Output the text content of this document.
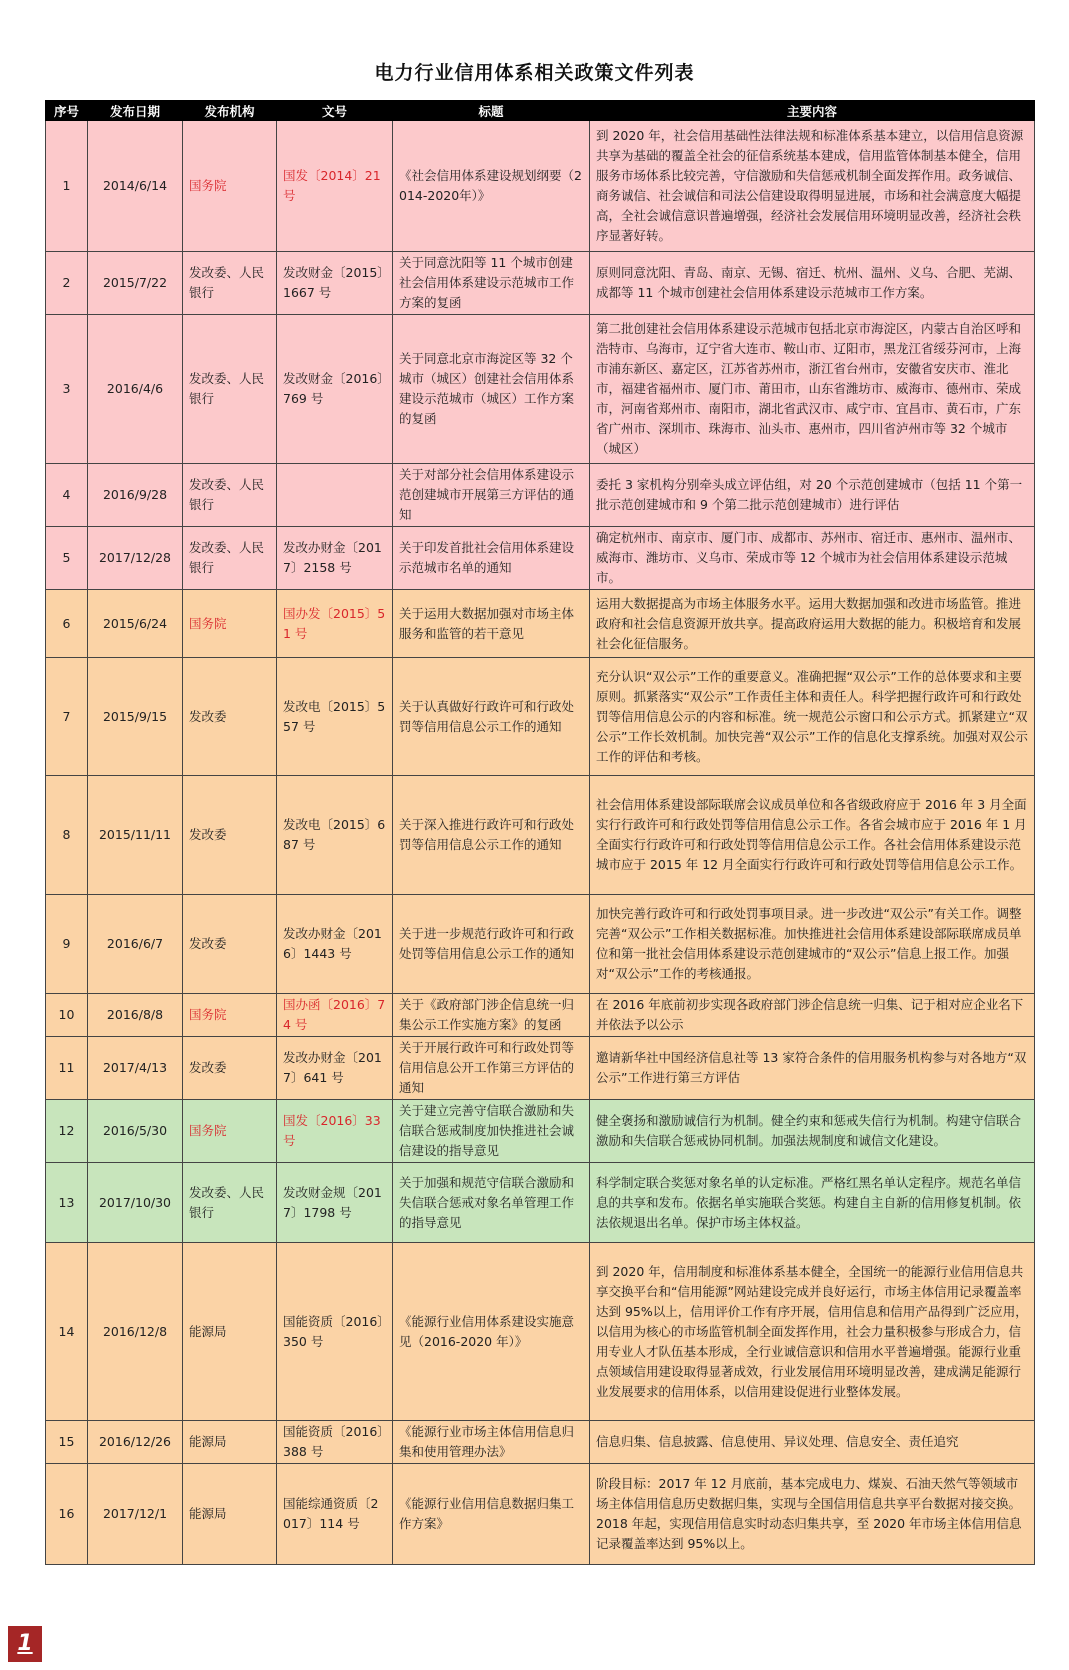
电力行业信用体系相关政策文件列表
序号	发布日期	发布机构	文号	标题	主要内容
1	2014/6/14	国务院	国发〔2014〕21号	《社会信用体系建设规划纲要（2014-2020年）》	到 2020 年，社会信用基础性法律法规和标准体系基本建立，以信用信息资源共享为基础的覆盖全社会的征信系统基本建成，信用监管体制基本健全，信用服务市场体系比较完善，守信激励和失信惩戒机制全面发挥作用。政务诚信、商务诚信、社会诚信和司法公信建设取得明显进展，市场和社会满意度大幅提高，全社会诚信意识普遍增强，经济社会发展信用环境明显改善，经济社会秩序显著好转。
2	2015/7/22	发改委、人民银行	发改财金〔2015〕1667 号	关于同意沈阳等 11 个城市创建社会信用体系建设示范城市工作方案的复函	原则同意沈阳、青岛、南京、无锡、宿迁、杭州、温州、义乌、合肥、芜湖、成都等 11 个城市创建社会信用体系建设示范城市工作方案。
3	2016/4/6	发改委、人民银行	发改财金〔2016〕769 号	关于同意北京市海淀区等 32 个城市（城区）创建社会信用体系建设示范城市（城区）工作方案的复函	第二批创建社会信用体系建设示范城市包括北京市海淀区，内蒙古自治区呼和浩特市、乌海市，辽宁省大连市、鞍山市、辽阳市，黑龙江省绥芬河市，上海市浦东新区、嘉定区，江苏省苏州市，浙江省台州市，安徽省安庆市、淮北市，福建省福州市、厦门市、莆田市，山东省潍坊市、威海市、德州市、荣成市，河南省郑州市、南阳市，湖北省武汉市、咸宁市、宜昌市、黄石市，广东省广州市、深圳市、珠海市、汕头市、惠州市，四川省泸州市等 32 个城市（城区）
4	2016/9/28	发改委、人民银行		关于对部分社会信用体系建设示范创建城市开展第三方评估的通知	委托 3 家机构分别牵头成立评估组，对 20 个示范创建城市（包括 11 个第一批示范创建城市和 9 个第二批示范创建城市）进行评估
5	2017/12/28	发改委、人民银行	发改办财金〔2017〕2158 号	关于印发首批社会信用体系建设示范城市名单的通知	确定杭州市、南京市、厦门市、成都市、苏州市、宿迁市、惠州市、温州市、威海市、潍坊市、义乌市、荣成市等 12 个城市为社会信用体系建设示范城市。
6	2015/6/24	国务院	国办发〔2015〕51 号	关于运用大数据加强对市场主体服务和监管的若干意见	运用大数据提高为市场主体服务水平。运用大数据加强和改进市场监管。推进政府和社会信息资源开放共享。提高政府运用大数据的能力。积极培育和发展社会化征信服务。
7	2015/9/15	发改委	发改电〔2015〕557 号	关于认真做好行政许可和行政处罚等信用信息公示工作的通知	充分认识“双公示”工作的重要意义。准确把握“双公示”工作的总体要求和主要原则。抓紧落实“双公示”工作责任主体和责任人。科学把握行政许可和行政处罚等信用信息公示的内容和标准。统一规范公示窗口和公示方式。抓紧建立“双公示”工作长效机制。加快完善“双公示”工作的信息化支撑系统。加强对双公示工作的评估和考核。
8	2015/11/11	发改委	发改电〔2015〕687 号	关于深入推进行政许可和行政处罚等信用信息公示工作的通知	社会信用体系建设部际联席会议成员单位和各省级政府应于 2016 年 3 月全面实行行政许可和行政处罚等信用信息公示工作。各省会城市应于 2016 年 1 月全面实行行政许可和行政处罚等信用信息公示工作。各社会信用体系建设示范城市应于 2015 年 12 月全面实行行政许可和行政处罚等信用信息公示工作。
9	2016/6/7	发改委	发改办财金〔2016〕1443 号	关于进一步规范行政许可和行政处罚等信用信息公示工作的通知	加快完善行政许可和行政处罚事项目录。进一步改进“双公示”有关工作。调整完善“双公示”工作相关数据标准。加快推进社会信用体系建设部际联席成员单位和第一批社会信用体系建设示范创建城市的“双公示”信息上报工作。加强对“双公示”工作的考核通报。
10	2016/8/8	国务院	国办函〔2016〕74 号	关于《政府部门涉企信息统一归集公示工作实施方案》的复函	在 2016 年底前初步实现各政府部门涉企信息统一归集、记于相对应企业名下并依法予以公示
11	2017/4/13	发改委	发改办财金〔2017〕641 号	关于开展行政许可和行政处罚等信用信息公开工作第三方评估的通知	邀请新华社中国经济信息社等 13 家符合条件的信用服务机构参与对各地方“双公示”工作进行第三方评估
12	2016/5/30	国务院	国发〔2016〕33 号	关于建立完善守信联合激励和失信联合惩戒制度加快推进社会诚信建设的指导意见	健全褒扬和激励诚信行为机制。健全约束和惩戒失信行为机制。构建守信联合激励和失信联合惩戒协同机制。加强法规制度和诚信文化建设。
13	2017/10/30	发改委、人民银行	发改财金规〔2017〕1798 号	关于加强和规范守信联合激励和失信联合惩戒对象名单管理工作的指导意见	科学制定联合奖惩对象名单的认定标准。严格红黑名单认定程序。规范名单信息的共享和发布。依据名单实施联合奖惩。构建自主自新的信用修复机制。依法依规退出名单。保护市场主体权益。
14	2016/12/8	能源局	国能资质〔2016〕350 号	《能源行业信用体系建设实施意见（2016-2020 年）》	到 2020 年，信用制度和标准体系基本健全，全国统一的能源行业信用信息共享交换平台和“信用能源”网站建设完成并良好运行，市场主体信用记录覆盖率达到 95%以上，信用评价工作有序开展，信用信息和信用产品得到广泛应用，以信用为核心的市场监管机制全面发挥作用，社会力量积极参与形成合力，信用专业人才队伍基本形成，全行业诚信意识和信用水平普遍增强。能源行业重点领域信用建设取得显著成效，行业发展信用环境明显改善，建成满足能源行业发展要求的信用体系，以信用建设促进行业整体发展。
15	2016/12/26	能源局	国能资质〔2016〕388 号	《能源行业市场主体信用信息归集和使用管理办法》	信息归集、信息披露、信息使用、异议处理、信息安全、责任追究
16	2017/12/1	能源局	国能综通资质〔2017〕114 号	《能源行业信用信息数据归集工作方案》	阶段目标：2017 年 12 月底前，基本完成电力、煤炭、石油天然气等领域市场主体信用信息历史数据归集，实现与全国信用信息共享平台数据对接交换。2018 年起，实现信用信息实时动态归集共享，至 2020 年市场主体信用信息记录覆盖率达到 95%以上。
1
